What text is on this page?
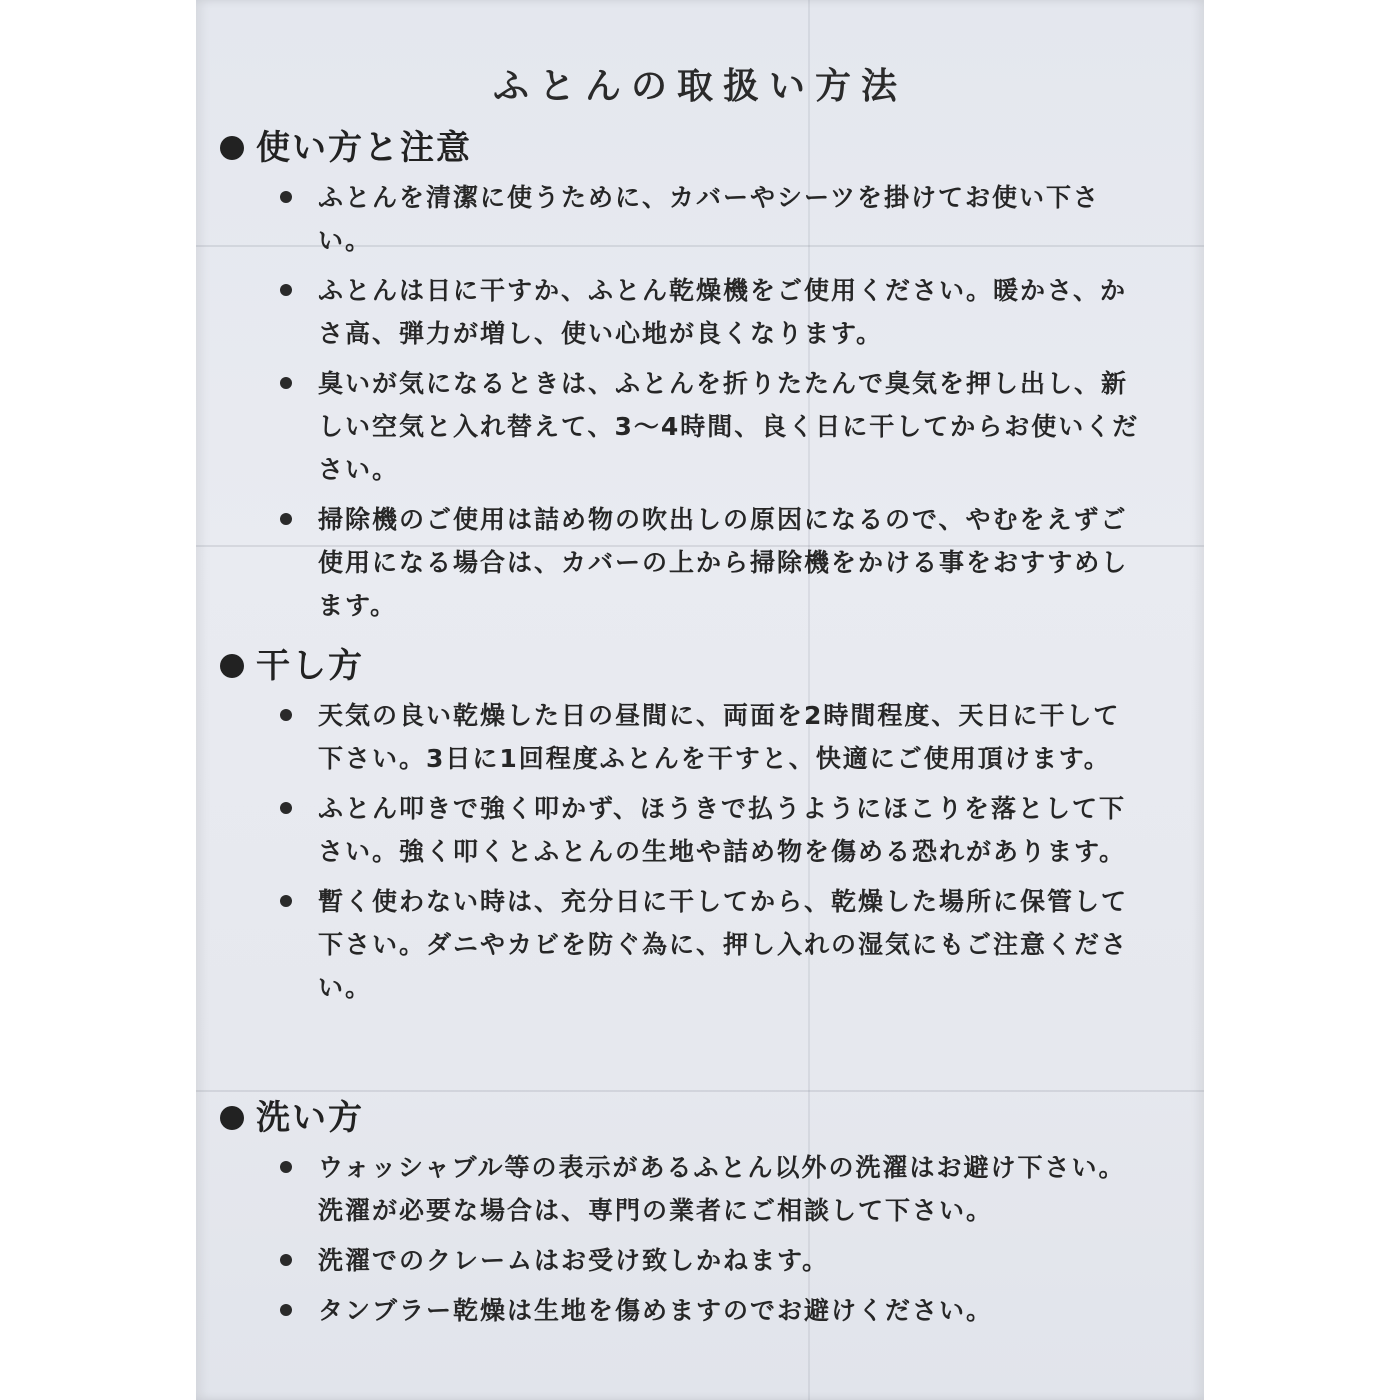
ふとんの取扱い方法
使い方と注意
ふとんを清潔に使うために、カバーやシーツを掛けてお使い下さい。
ふとんは日に干すか、ふとん乾燥機をご使用ください。暖かさ、かさ高、弾力が増し、使い心地が良くなります。
臭いが気になるときは、ふとんを折りたたんで臭気を押し出し、新しい空気と入れ替えて、3〜4時間、良く日に干してからお使いください。
掃除機のご使用は詰め物の吹出しの原因になるので、やむをえずご使用になる場合は、カバーの上から掃除機をかける事をおすすめします。
干し方
天気の良い乾燥した日の昼間に、両面を2時間程度、天日に干して下さい。3日に1回程度ふとんを干すと、快適にご使用頂けます。
ふとん叩きで強く叩かず、ほうきで払うようにほこりを落として下さい。強く叩くとふとんの生地や詰め物を傷める恐れがあります。
暫く使わない時は、充分日に干してから、乾燥した場所に保管して下さい。ダニやカビを防ぐ為に、押し入れの湿気にもご注意ください。
洗い方
ウォッシャブル等の表示があるふとん以外の洗濯はお避け下さい。洗濯が必要な場合は、専門の業者にご相談して下さい。
洗濯でのクレームはお受け致しかねます。
タンブラー乾燥は生地を傷めますのでお避けください。
